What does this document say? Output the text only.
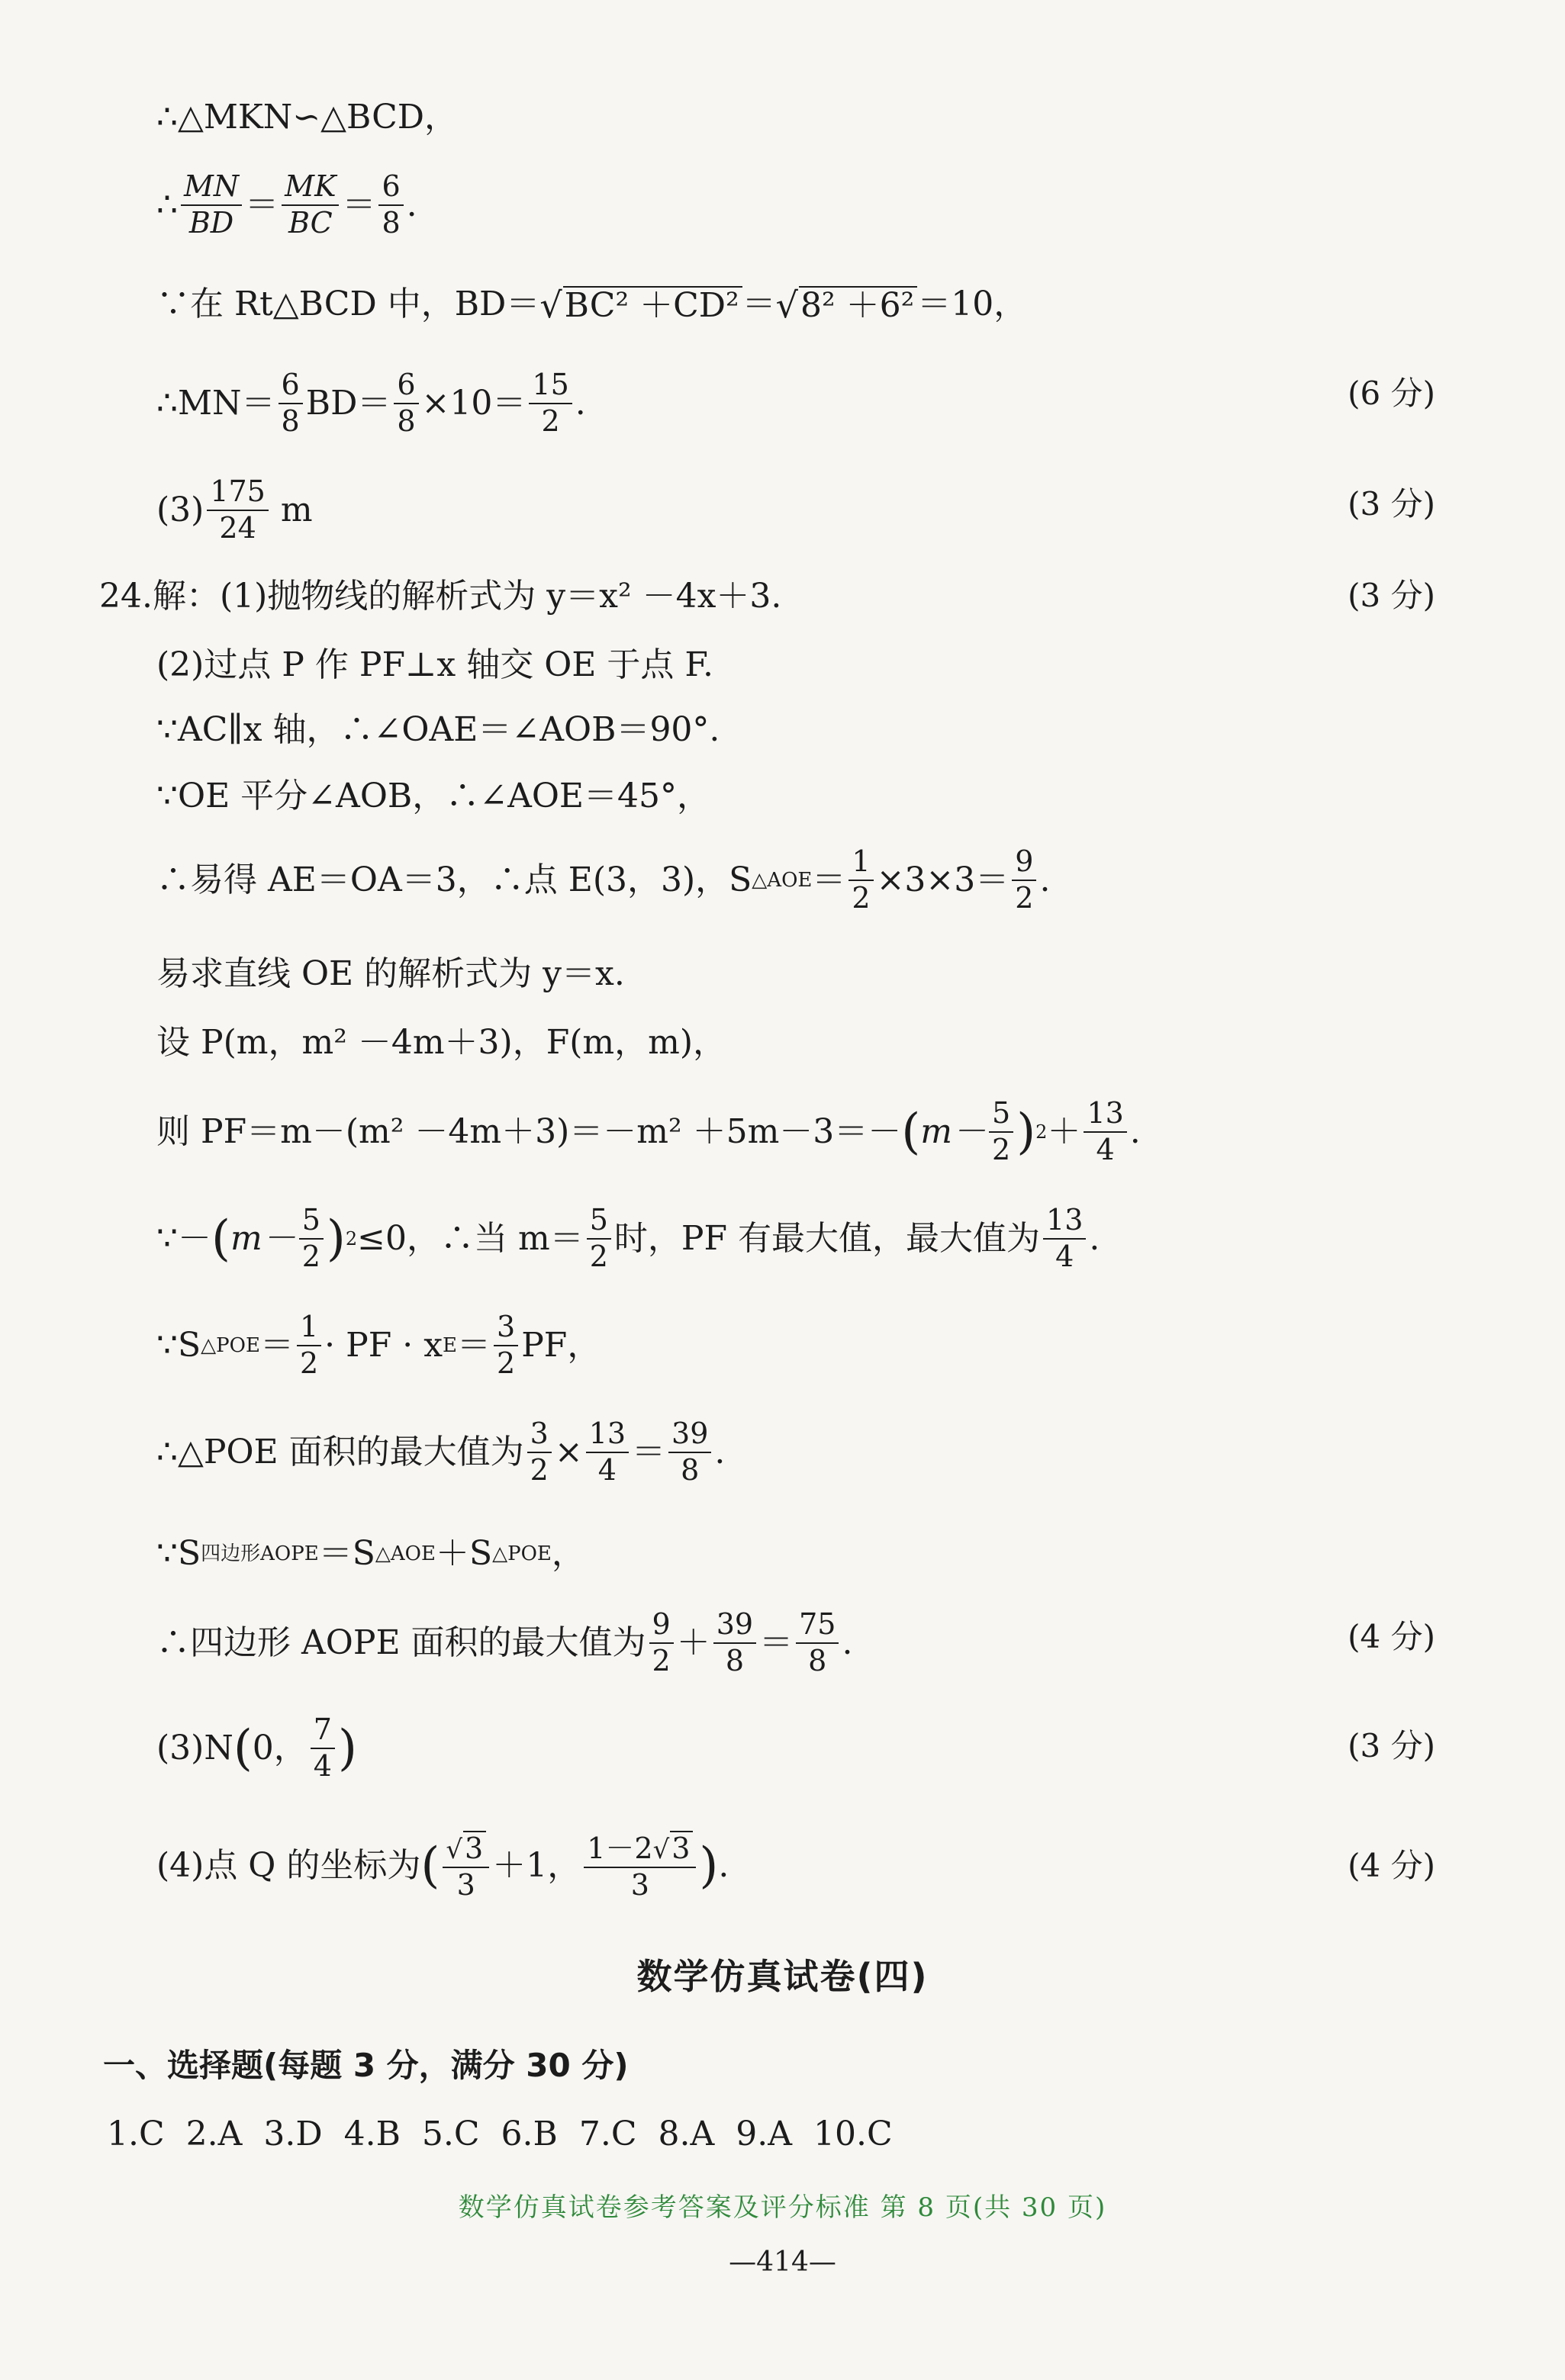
∴△MKN∽△BCD，
∴ $\frac{MN}{BD} = \frac{MK}{BC} = \frac{6}{8}$ .
∵在 Rt△BCD 中，BD＝ √ BC² ＋CD² ＝ √ 8² ＋6² ＝10，
∴MN＝ $\frac{6}{8} BD= \frac{6}{8} \times 10= \frac{15}{2}$ .	(6 分)
$(3) \frac{175}{24}$ m	(3 分)
24.解：(1)抛物线的解析式为 y＝x² －4x＋3.	(3 分)
(2)过点 P 作 PF⊥x 轴交 OE 于点 F.
∵AC∥x 轴，∴∠OAE＝∠AOB＝90°.
∵OE 平分∠AOB，∴∠AOE＝45°，
∴易得 AE＝OA＝3，∴点 E(3，3)，S △AOE ＝ $\frac{1}{2} \times 3\times 3= \frac{9}{2}$ .
易求直线 OE 的解析式为 y＝x.
设 P(m，m² －4m＋3)，F(m，m)，
则 PF＝m－(m² －4m＋3)＝－m² ＋5m－3＝－ ( $m- \frac{5}{2}$ ) $2 + \frac{13}{4}$ .
∵－ ( $m- \frac{5}{2}$ ) 2 ≤0，∴当 $m= \frac{5}{2}$ 时，PF 有最大值，最大值为 $\frac{13}{4}$ .
∵S △POE ＝ $\frac{1}{2}$ · PF · x $E = \frac{3}{2}$ PF，
∴△POE 面积的最大值为 $\frac{3}{2} \times \frac{13}{4} = \frac{39}{8}$ .
∵S 四边形AOPE ＝S △AOE ＋S △POE ，
∴四边形 AOPE 面积的最大值为 $\frac{9}{2} + \frac{39}{8} = \frac{75}{8}$ .	(4 分)
(3)N ( 0， $\frac{7}{4}$ )	(3 分)
(4)点 Q 的坐标为 ( $\frac{√ 3}{3} +1$， $\frac{1-2 √ 3}{3}$ ) .	(4 分)
数学仿真试卷(四)
一、选择题(每题 3 分，满分 30 分)
1.C 2.A 3.D 4.B 5.C 6.B 7.C 8.A 9.A 10.C
数学仿真试卷参考答案及评分标准 第 8 页(共 30 页)
—414—
